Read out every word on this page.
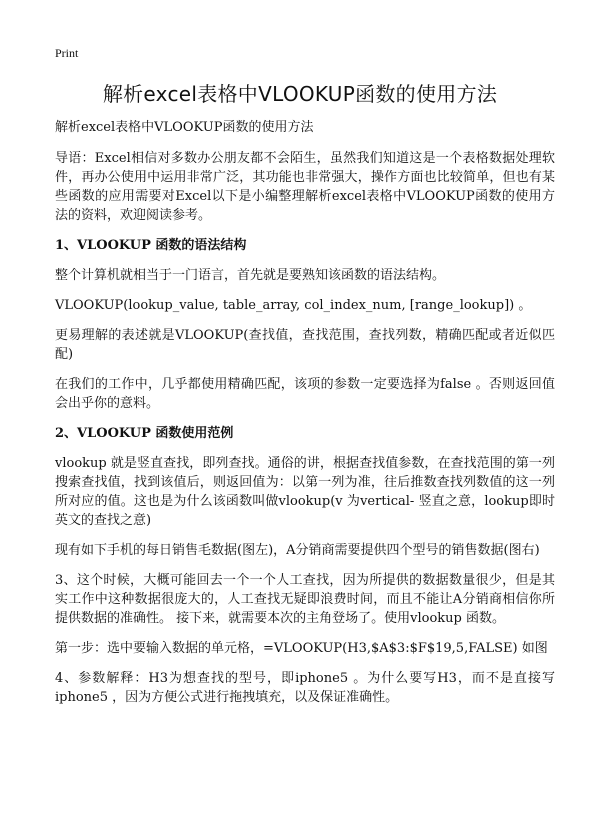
Print
解析excel表格中VLOOKUP函数的使用方法

解析excel表格中VLOOKUP函数的使用方法

导语：Excel相信对多数办公朋友都不会陌生，虽然我们知道这是一个表格数据处理软件，再办公使用中运用非常广泛，其功能也非常强大，操作方面也比较简单，但也有某些函数的应用需要对Excel以下是小编整理解析excel表格中VLOOKUP函数的使用方法的资料，欢迎阅读参考。

1、VLOOKUP 函数的语法结构

整个计算机就相当于一门语言，首先就是要熟知该函数的语法结构。

VLOOKUP(lookup_value, table_array, col_index_num, [range_lookup]) 。

更易理解的表述就是VLOOKUP(查找值，查找范围，查找列数，精确匹配或者近似匹配)

在我们的工作中，几乎都使用精确匹配，该项的参数一定要选择为false 。否则返回值会出乎你的意料。

2、VLOOKUP 函数使用范例

vlookup 就是竖直查找，即列查找。通俗的讲，根据查找值参数，在查找范围的第一列搜索查找值，找到该值后，则返回值为：以第一列为准，往后推数查找列数值的这一列所对应的值。这也是为什么该函数叫做vlookup(v 为vertical- 竖直之意，lookup即时英文的查找之意)

现有如下手机的每日销售毛数据(图左)，A分销商需要提供四个型号的销售数据(图右)

3、这个时候，大概可能回去一个一个人工查找，因为所提供的数据数量很少，但是其实工作中这种数据很庞大的，人工查找无疑即浪费时间，而且不能让A分销商相信你所提供数据的准确性。 接下来，就需要本次的主角登场了。使用vlookup 函数。

第一步：选中要输入数据的单元格，=VLOOKUP(H3,$A$3:$F$19,5,FALSE) 如图

4、参数解释：H3为想查找的型号，即iphone5 。为什么要写H3，而不是直接写iphone5 ，因为方便公式进行拖拽填充，以及保证准确性。
